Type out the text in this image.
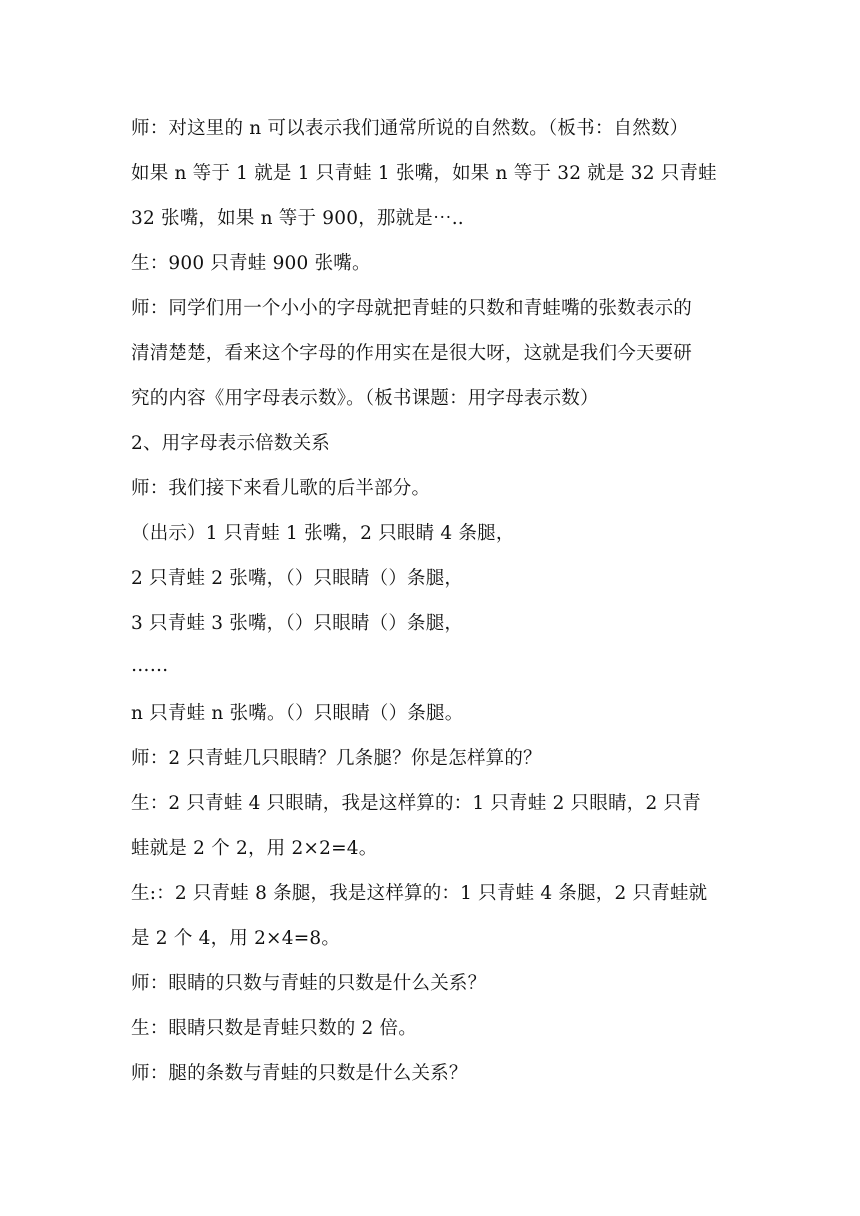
师：对这里的 n 可以表示我们通常所说的自然数。（板书：自然数）
如果 n 等于 1 就是 1 只青蛙 1 张嘴，如果 n 等于 32 就是 32 只青蛙
32 张嘴，如果 n 等于 900，那就是⋯..
生：900 只青蛙 900 张嘴。
师：同学们用一个小小的字母就把青蛙的只数和青蛙嘴的张数表示的
清清楚楚，看来这个字母的作用实在是很大呀，这就是我们今天要研
究的内容《用字母表示数》。（板书课题：用字母表示数）
2、用字母表示倍数关系
师：我们接下来看儿歌的后半部分。
（出示）1 只青蛙 1 张嘴，2 只眼睛 4 条腿，
2 只青蛙 2 张嘴，（）只眼睛（）条腿，
3 只青蛙 3 张嘴，（）只眼睛（）条腿，
……
n 只青蛙 n 张嘴。（）只眼睛（）条腿。
师：2 只青蛙几只眼睛？几条腿？你是怎样算的？
生：2 只青蛙 4 只眼睛，我是这样算的：1 只青蛙 2 只眼睛，2 只青
蛙就是 2 个 2，用 2×2=4。
生:：2 只青蛙 8 条腿，我是这样算的：1 只青蛙 4 条腿，2 只青蛙就
是 2 个 4，用 2×4=8。
师：眼睛的只数与青蛙的只数是什么关系？
生：眼睛只数是青蛙只数的 2 倍。
师：腿的条数与青蛙的只数是什么关系？
